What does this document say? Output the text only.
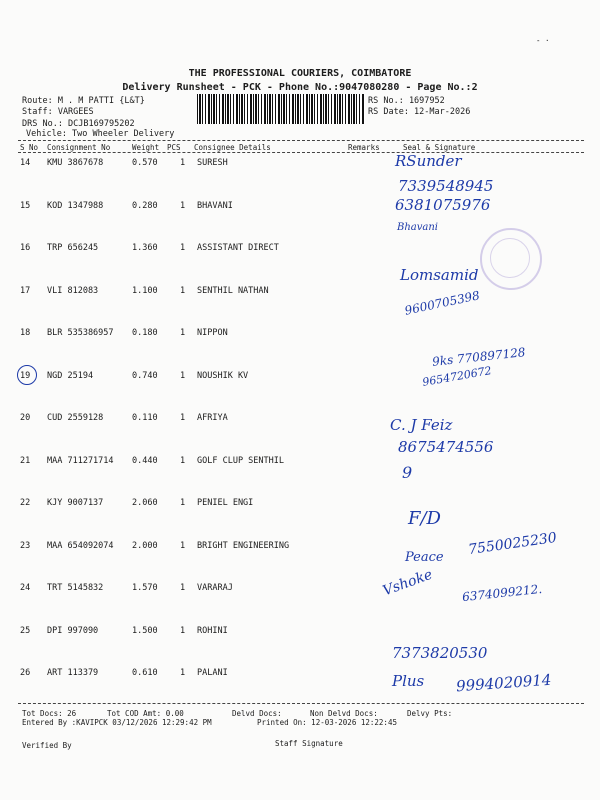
THE PROFESSIONAL COURIERS, COIMBATORE
Delivery Runsheet - PCK - Phone No.:9047080280 - Page No.:2
- ·
Route: M . M PATTI {L&T}
Staff: VARGEES
DRS No.: DCJB169795202
Vehicle: Two Wheeler Delivery
RS No.: 1697952
RS Date: 12-Mar-2026
S No Consignment No	Weight PCS Consignee Details	Remarks	Seal & Signature
14 KMU 3867678	0.570	1 SURESH
15 KOD 1347988	0.280	1 BHAVANI
16 TRP 656245	1.360	1 ASSISTANT DIRECT
17 VLI 812083	1.100	1 SENTHIL NATHAN
18 BLR 535386957 0.180	1 NIPPON
19 NGD 25194	0.740	1 NOUSHIK KV
20 CUD 2559128	0.110	1 AFRIYA
21 MAA 711271714 0.440	1 GOLF CLUP SENTHIL
22 KJY 9007137	2.060	1 PENIEL ENGI
23 MAA 654092074 2.000	1 BRIGHT ENGINEERING
24 TRT 5145832	1.570	1 VARARAJ
25 DPI 997090	1.500	1 ROHINI
26 ART 113379	0.610	1 PALANI
RSunder
7339548945
6381075976
Bhavani
Lomsamid
9600705398
9ks 770897128
9654720672
C. J Feiz
8675474556
9
F/D
Peace 7550025230
Vshoke 6374099212.
7373820530
Plus 9994020914
Tot Docs: 26	Tot COD Amt: 0.00	Delvd Docs:	Non Delvd Docs:	Delvy Pts:
Entered By :KAVIPCK 03/12/2026 12:29:42 PM	Printed On: 12-03-2026 12:22:45
Verified By	Staff Signature
